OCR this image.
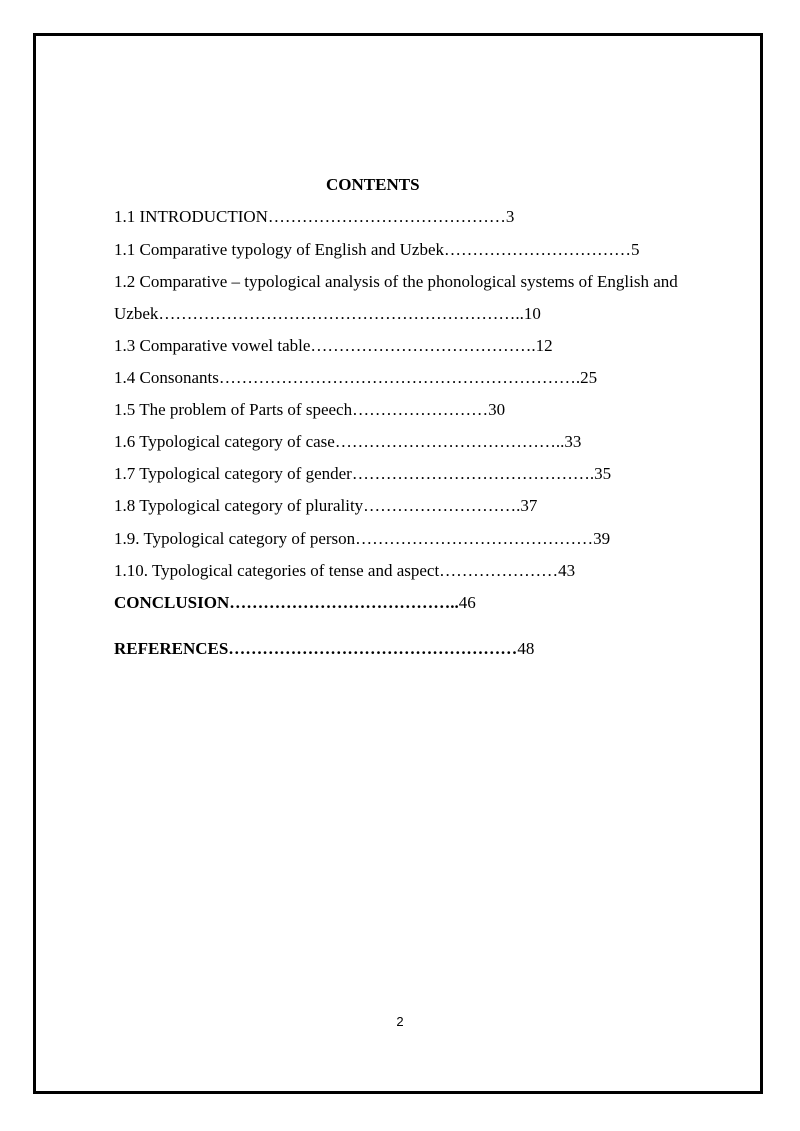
CONTENTS
1.1 INTRODUCTION……………………………………3
1.1 Comparative typology of English and Uzbek……………………………5
1.2 Comparative – typological analysis of the phonological systems of English and
Uzbek………………………………………………………..10
1.3 Comparative vowel table………………………………….12
1.4 Consonants……………………………………………………….25
1.5 The problem of Parts of speech……………………30
1.6 Typological category of case…………………………………..33
1.7 Typological category of gender…………………………………….35
1.8 Typological category of plurality……………………….37
1.9. Typological category of person……………………………………39
1.10. Typological categories of tense and aspect…………………43
CONCLUSION…………………………………..46
REFERENCES……………………………………………48
2
